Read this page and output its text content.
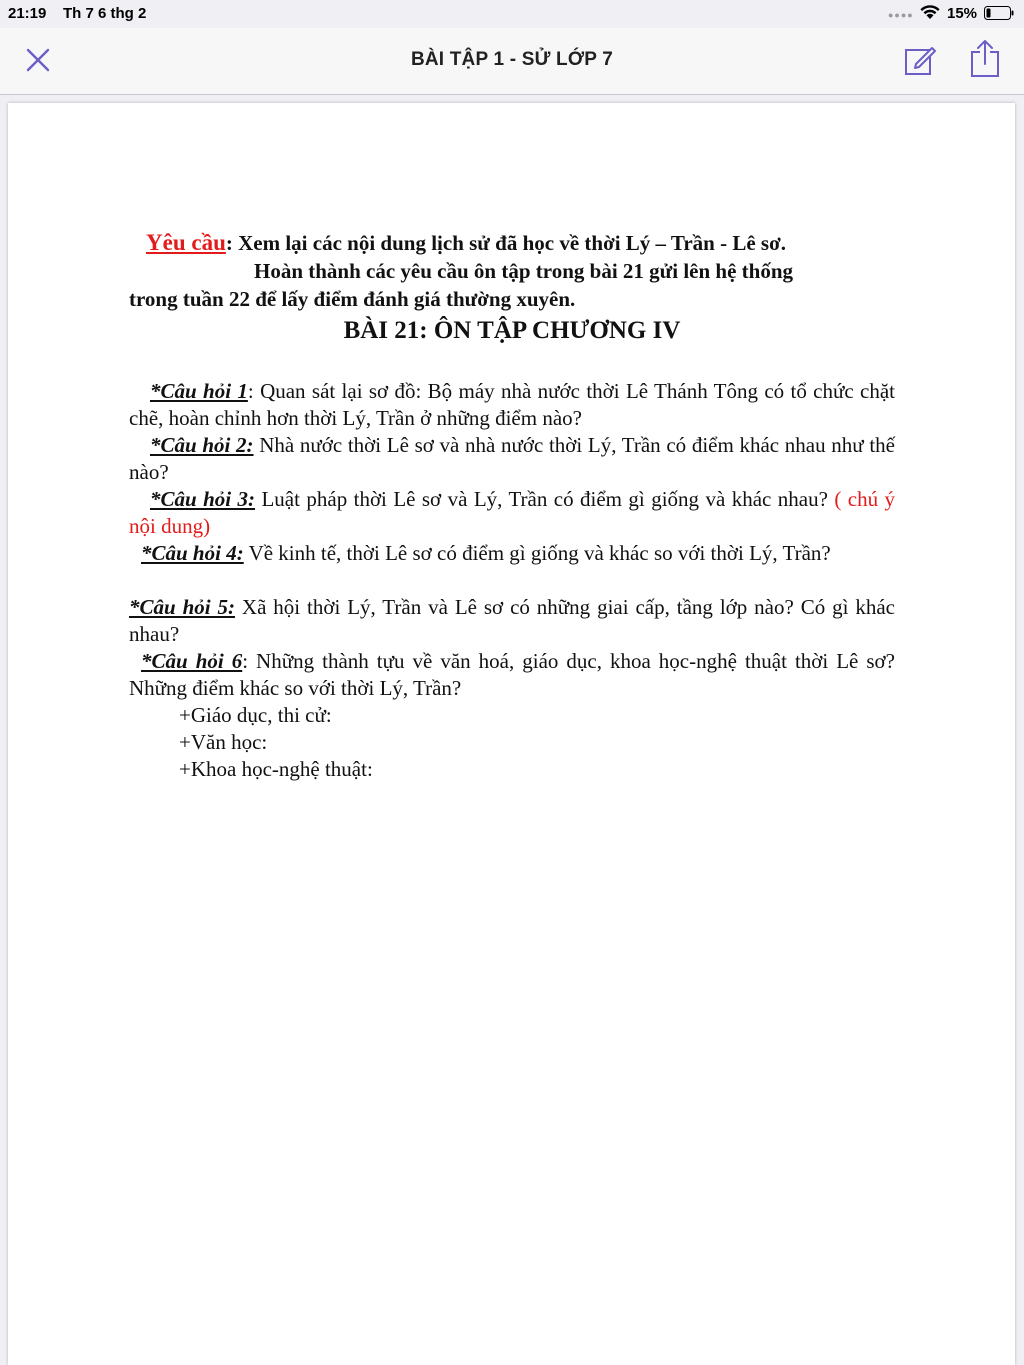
21:19 Th 7 6 thg 2	●●●● 15%
BÀI TẬP 1 - SỬ LỚP 7
Yêu cầu: Xem lại các nội dung lịch sử đã học về thời Lý – Trần - Lê sơ.
Hoàn thành các yêu cầu ôn tập trong bài 21 gửi lên hệ thống
trong tuần 22 để lấy điểm đánh giá thường xuyên.
BÀI 21: ÔN TẬP CHƯƠNG IV

*Câu hỏi 1: Quan sát lại sơ đồ: Bộ máy nhà nước thời Lê Thánh Tông có tổ chức chặt chẽ, hoàn chỉnh hơn thời Lý, Trần ở những điểm nào?

*Câu hỏi 2: Nhà nước thời Lê sơ và nhà nước thời Lý, Trần có điểm khác nhau như thế nào?

*Câu hỏi 3: Luật pháp thời Lê sơ và Lý, Trần có điểm gì giống và khác nhau? ( chú ý nội dung)

*Câu hỏi 4: Về kinh tế, thời Lê sơ có điểm gì giống và khác so với thời Lý, Trần?

*Câu hỏi 5: Xã hội thời Lý, Trần và Lê sơ có những giai cấp, tầng lớp nào? Có gì khác nhau?

*Câu hỏi 6: Những thành tựu về văn hoá, giáo dục, khoa học-nghệ thuật thời Lê sơ? Những điểm khác so với thời Lý, Trần?

+Giáo dục, thi cử:
+Văn học:
+Khoa học-nghệ thuật:
